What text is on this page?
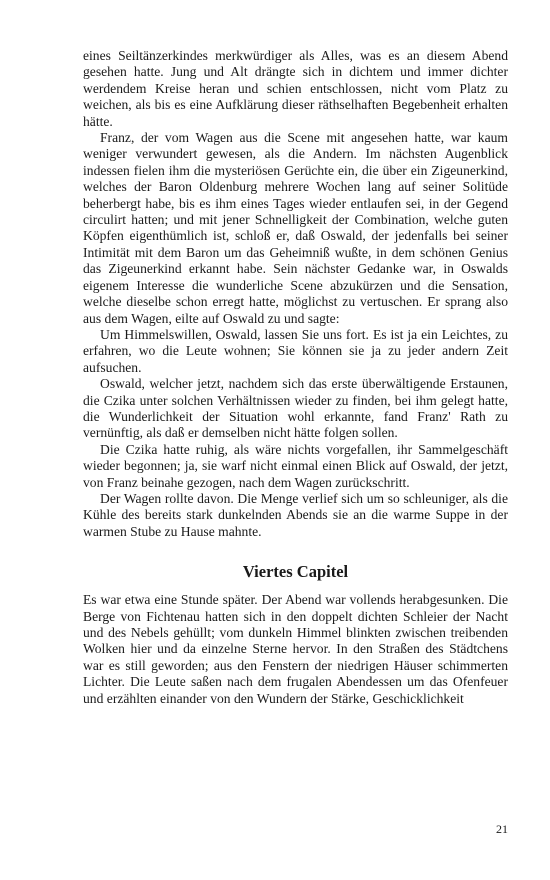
eines Seiltänzerkindes merkwürdiger als Alles, was es an diesem Abend gesehen hatte. Jung und Alt drängte sich in dichtem und immer dichter werdendem Kreise heran und schien entschlossen, nicht vom Platz zu weichen, als bis es eine Aufklärung dieser räthselhaften Begebenheit erhalten hätte.

Franz, der vom Wagen aus die Scene mit angesehen hatte, war kaum weniger verwundert gewesen, als die Andern. Im nächsten Augenblick indessen fielen ihm die mysteriösen Gerüchte ein, die über ein Zigeunerkind, welches der Baron Oldenburg mehrere Wochen lang auf seiner Solitüde beherbergt habe, bis es ihm eines Tages wieder entlaufen sei, in der Gegend circulirt hatten; und mit jener Schnelligkeit der Combination, welche guten Köpfen eigenthümlich ist, schloß er, daß Oswald, der jedenfalls bei seiner Intimität mit dem Baron um das Geheimniß wußte, in dem schönen Genius das Zigeunerkind erkannt habe. Sein nächster Gedanke war, in Oswalds eigenem Interesse die wunderliche Scene abzukürzen und die Sensation, welche dieselbe schon erregt hatte, möglichst zu vertuschen. Er sprang also aus dem Wagen, eilte auf Oswald zu und sagte:

Um Himmelswillen, Oswald, lassen Sie uns fort. Es ist ja ein Leichtes, zu erfahren, wo die Leute wohnen; Sie können sie ja zu jeder andern Zeit aufsuchen.

Oswald, welcher jetzt, nachdem sich das erste überwältigende Erstaunen, die Czika unter solchen Verhältnissen wieder zu finden, bei ihm gelegt hatte, die Wunderlichkeit der Situation wohl erkannte, fand Franz' Rath zu vernünftig, als daß er demselben nicht hätte folgen sollen.

Die Czika hatte ruhig, als wäre nichts vorgefallen, ihr Sammelgeschäft wieder begonnen; ja, sie warf nicht einmal einen Blick auf Oswald, der jetzt, von Franz beinahe gezogen, nach dem Wagen zurückschritt.

Der Wagen rollte davon. Die Menge verlief sich um so schleuniger, als die Kühle des bereits stark dunkelnden Abends sie an die warme Suppe in der warmen Stube zu Hause mahnte.

Viertes Capitel

Es war etwa eine Stunde später. Der Abend war vollends herabgesunken. Die Berge von Fichtenau hatten sich in den doppelt dichten Schleier der Nacht und des Nebels gehüllt; vom dunkeln Himmel blinkten zwischen treibenden Wolken hier und da einzelne Sterne hervor. In den Straßen des Städtchens war es still geworden; aus den Fenstern der niedrigen Häuser schimmerten Lichter. Die Leute saßen nach dem frugalen Abendessen um das Ofenfeuer und erzählten einander von den Wundern der Stärke, Geschicklichkeit

21
